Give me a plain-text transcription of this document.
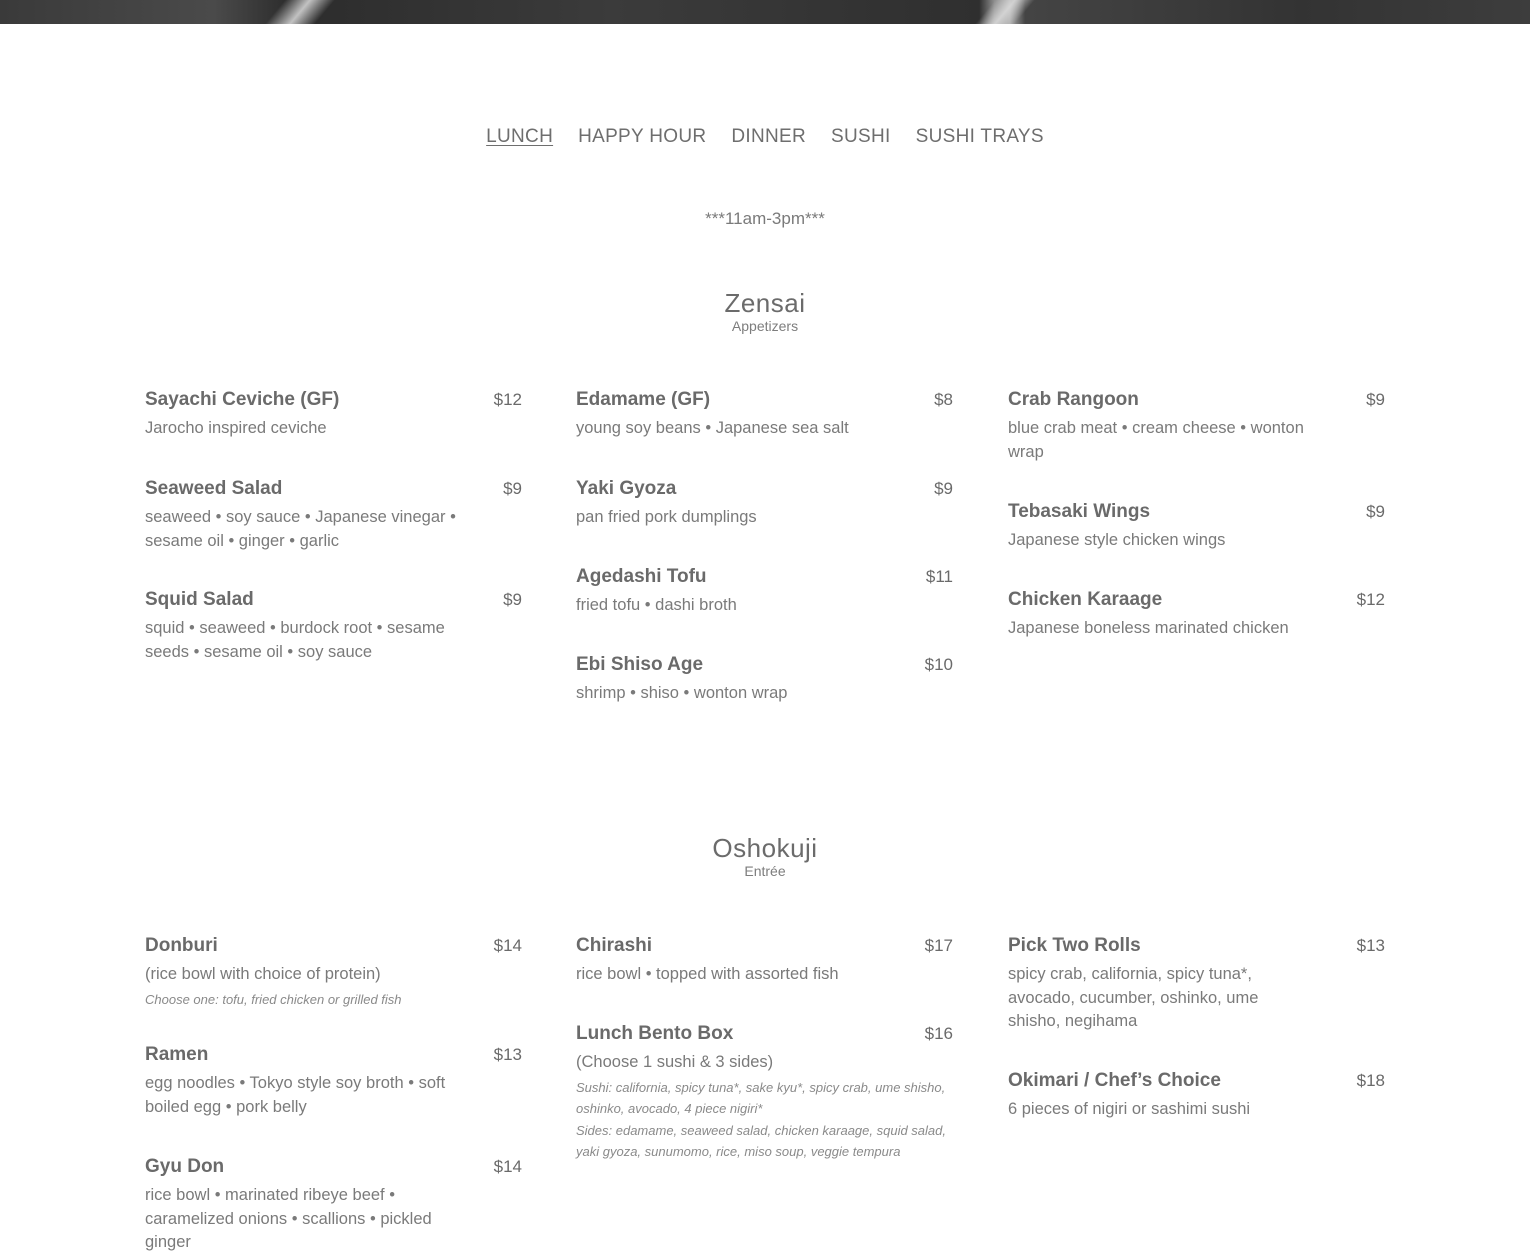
LUNCH HAPPY HOUR DINNER SUSHI SUSHI TRAYS
***11am-3pm***
Zensai
Appetizers
Sayachi Ceviche (GF)	$12
Jarocho inspired ceviche
Seaweed Salad	$9
seaweed • soy sauce • Japanese vinegar • sesame oil • ginger • garlic
Squid Salad	$9
squid • seaweed • burdock root • sesame seeds • sesame oil • soy sauce
Edamame (GF)	$8
young soy beans • Japanese sea salt
Yaki Gyoza	$9
pan fried pork dumplings
Agedashi Tofu	$11
fried tofu • dashi broth
Ebi Shiso Age	$10
shrimp • shiso • wonton wrap
Crab Rangoon	$9
blue crab meat • cream cheese • wonton wrap
Tebasaki Wings	$9
Japanese style chicken wings
Chicken Karaage	$12
Japanese boneless marinated chicken
Oshokuji
Entrée
Donburi	$14
(rice bowl with choice of protein)
Choose one: tofu, fried chicken or grilled fish
Ramen	$13
egg noodles • Tokyo style soy broth • soft boiled egg • pork belly
Gyu Don	$14
rice bowl • marinated ribeye beef • caramelized onions • scallions • pickled ginger
Chirashi	$17
rice bowl • topped with assorted fish
Lunch Bento Box	$16
(Choose 1 sushi & 3 sides)
Sushi: california, spicy tuna*, sake kyu*, spicy crab, ume shisho, oshinko, avocado, 4 piece nigiri*
Sides: edamame, seaweed salad, chicken karaage, squid salad, yaki gyoza, sunumomo, rice, miso soup, veggie tempura
Pick Two Rolls	$13
spicy crab, california, spicy tuna*, avocado, cucumber, oshinko, ume shisho, negihama
Okimari / Chef’s Choice	$18
6 pieces of nigiri or sashimi sushi
